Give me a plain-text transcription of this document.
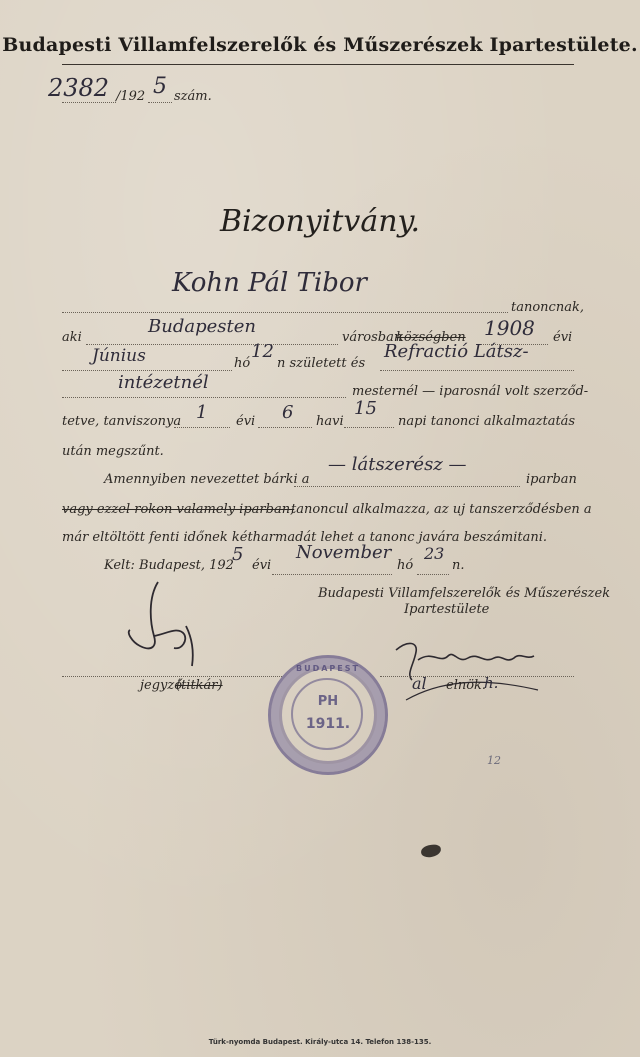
Budapesti Villamfelszerelők és Műszerészek Ipartestülete.
2382 /192 5 szám.
Bizonyitvány.
Kohn Pál Tibor
tanoncnak,
aki
Budapesten
városban
községben 1908 évi
Június	hó
12
n született és
Refractió Látsz-
intézetnél	mesternél — iparosnál volt szerződ-
tetve, tanviszonya 1 évi 6 havi
15
napi tanonci alkalmaztatás
után megszűnt.
Amennyiben nevezettet bárki a
— látszerész —
iparban
vagy ezzel rokon valamely iparban,
tanoncul alkalmazza, az uj tanszerződésben a
már eltöltött fenti időnek kétharmadát lehet a tanonc javára beszámitani.
Kelt: Budapest, 192
5
évi
November
hó
23
n.
Budapesti Villamfelszerelők és Műszerészek
Ipartestülete
jegyző
(titkár)
BUDAPEST
PH
1911.
al elnök.
h.
12
Türk-nyomda Budapest. Király-utca 14. Telefon 138-135.
